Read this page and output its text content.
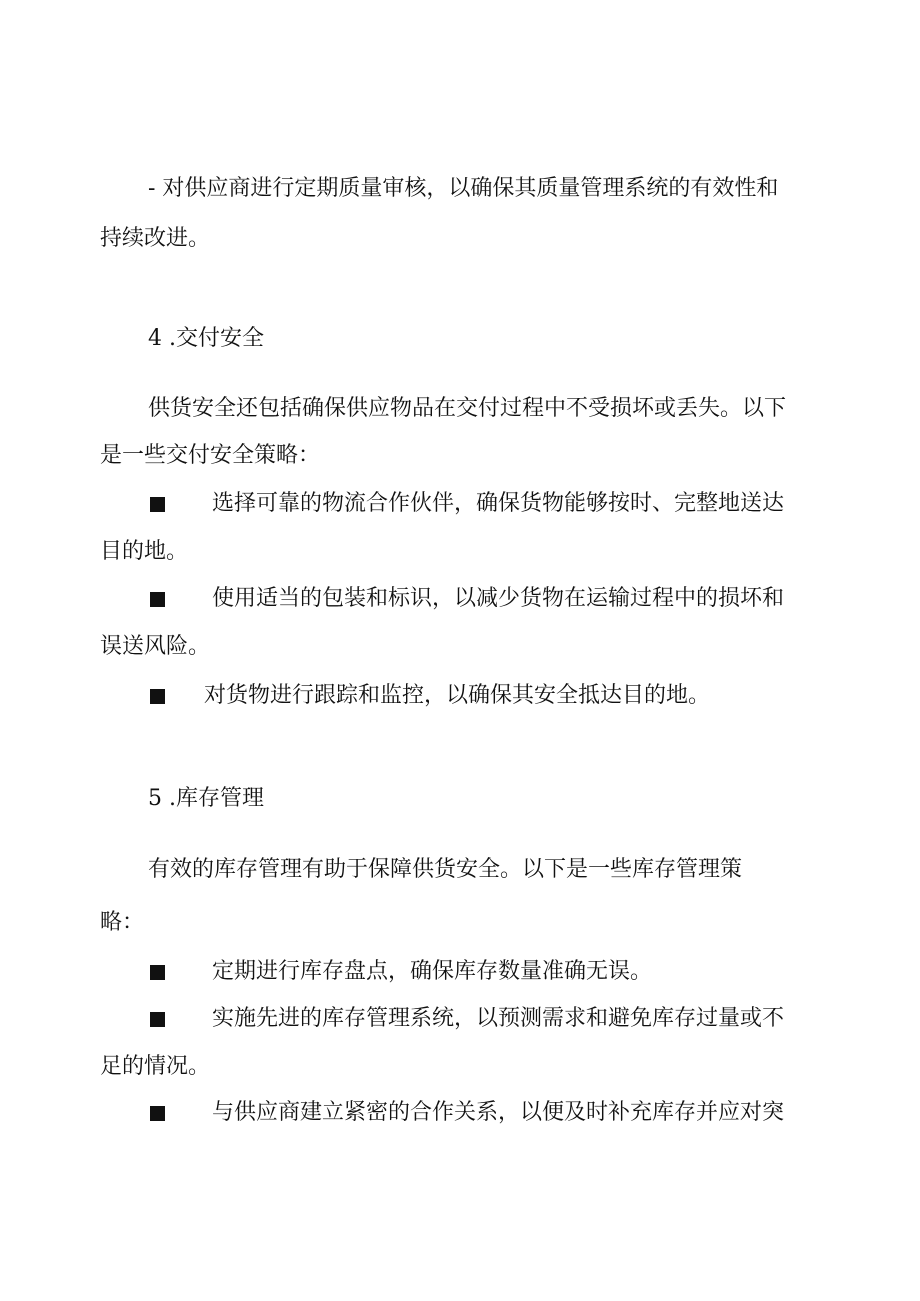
- 对供应商进行定期质量审核，以确保其质量管理系统的有效性和

持续改进。

4 .交付安全

供货安全还包括确保供应物品在交付过程中不受损坏或丢失。以下

是一些交付安全策略：

选择可靠的物流合作伙伴，确保货物能够按时、完整地送达

目的地。

使用适当的包装和标识，以减少货物在运输过程中的损坏和

误送风险。

对货物进行跟踪和监控，以确保其安全抵达目的地。

5 .库存管理

有效的库存管理有助于保障供货安全。以下是一些库存管理策

略：

定期进行库存盘点，确保库存数量准确无误。

实施先进的库存管理系统，以预测需求和避免库存过量或不

足的情况。

与供应商建立紧密的合作关系，以便及时补充库存并应对突
